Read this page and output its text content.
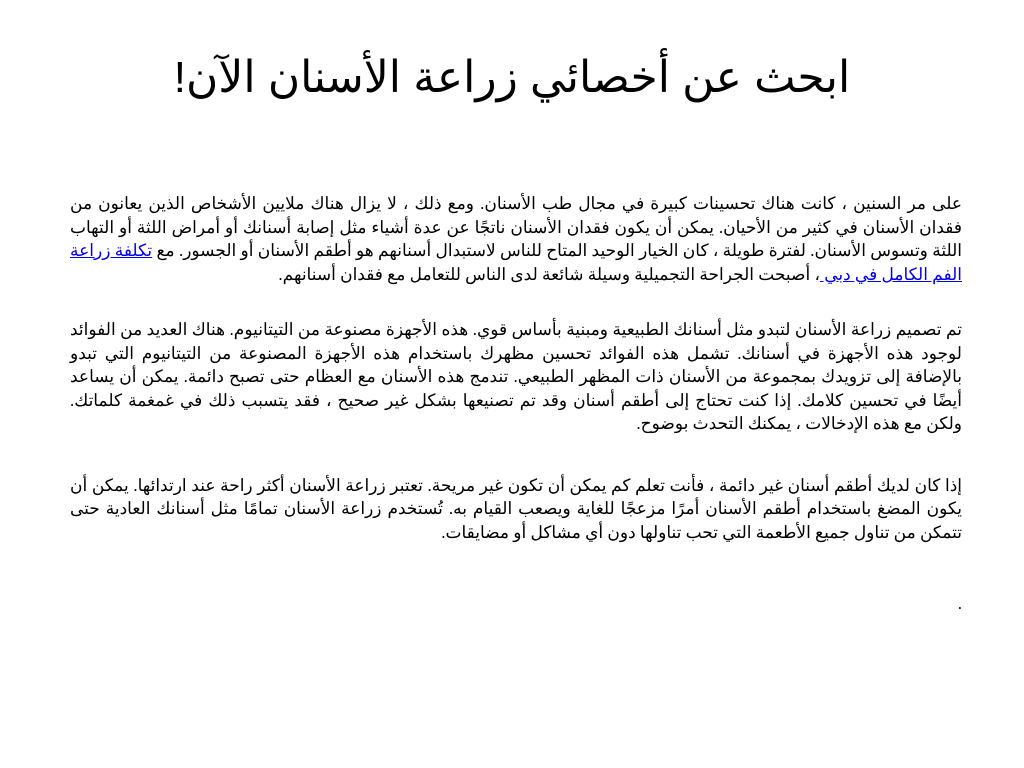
ابحث عن أخصائي زراعة الأسنان الآن!

على مر السنين ، كانت هناك تحسينات كبيرة في مجال طب الأسنان. ومع ذلك ، لا يزال هناك ملايين الأشخاص الذين يعانون من فقدان الأسنان في كثير من الأحيان. يمكن أن يكون فقدان الأسنان ناتجًا عن عدة أشياء مثل إصابة أسنانك أو أمراض اللثة أو التهاب اللثة وتسوس الأسنان. لفترة طويلة ، كان الخيار الوحيد المتاح للناس لاستبدال أسنانهم هو أطقم الأسنان أو الجسور. مع تكلفة زراعة الفم الكامل في دبي ، أصبحت الجراحة التجميلية وسيلة شائعة لدى الناس للتعامل مع فقدان أسنانهم.

تم تصميم زراعة الأسنان لتبدو مثل أسنانك الطبيعية ومبنية بأساس قوي. هذه الأجهزة مصنوعة من التيتانيوم. هناك العديد من الفوائد لوجود هذه الأجهزة في أسنانك. تشمل هذه الفوائد تحسين مظهرك باستخدام هذه الأجهزة المصنوعة من التيتانيوم التي تبدو بالإضافة إلى تزويدك بمجموعة من الأسنان ذات المظهر الطبيعي. تندمج هذه الأسنان مع العظام حتى تصبح دائمة. يمكن أن يساعد أيضًا في تحسين كلامك. إذا كنت تحتاج إلى أطقم أسنان وقد تم تصنيعها بشكل غير صحيح ، فقد يتسبب ذلك في غمغمة كلماتك. ولكن مع هذه الإدخالات ، يمكنك التحدث بوضوح.

إذا كان لديك أطقم أسنان غير دائمة ، فأنت تعلم كم يمكن أن تكون غير مريحة. تعتبر زراعة الأسنان أكثر راحة عند ارتدائها. يمكن أن يكون المضغ باستخدام أطقم الأسنان أمرًا مزعجًا للغاية ويصعب القيام به. تُستخدم زراعة الأسنان تمامًا مثل أسنانك العادية حتى تتمكن من تناول جميع الأطعمة التي تحب تناولها دون أي مشاكل أو مضايقات.

.
